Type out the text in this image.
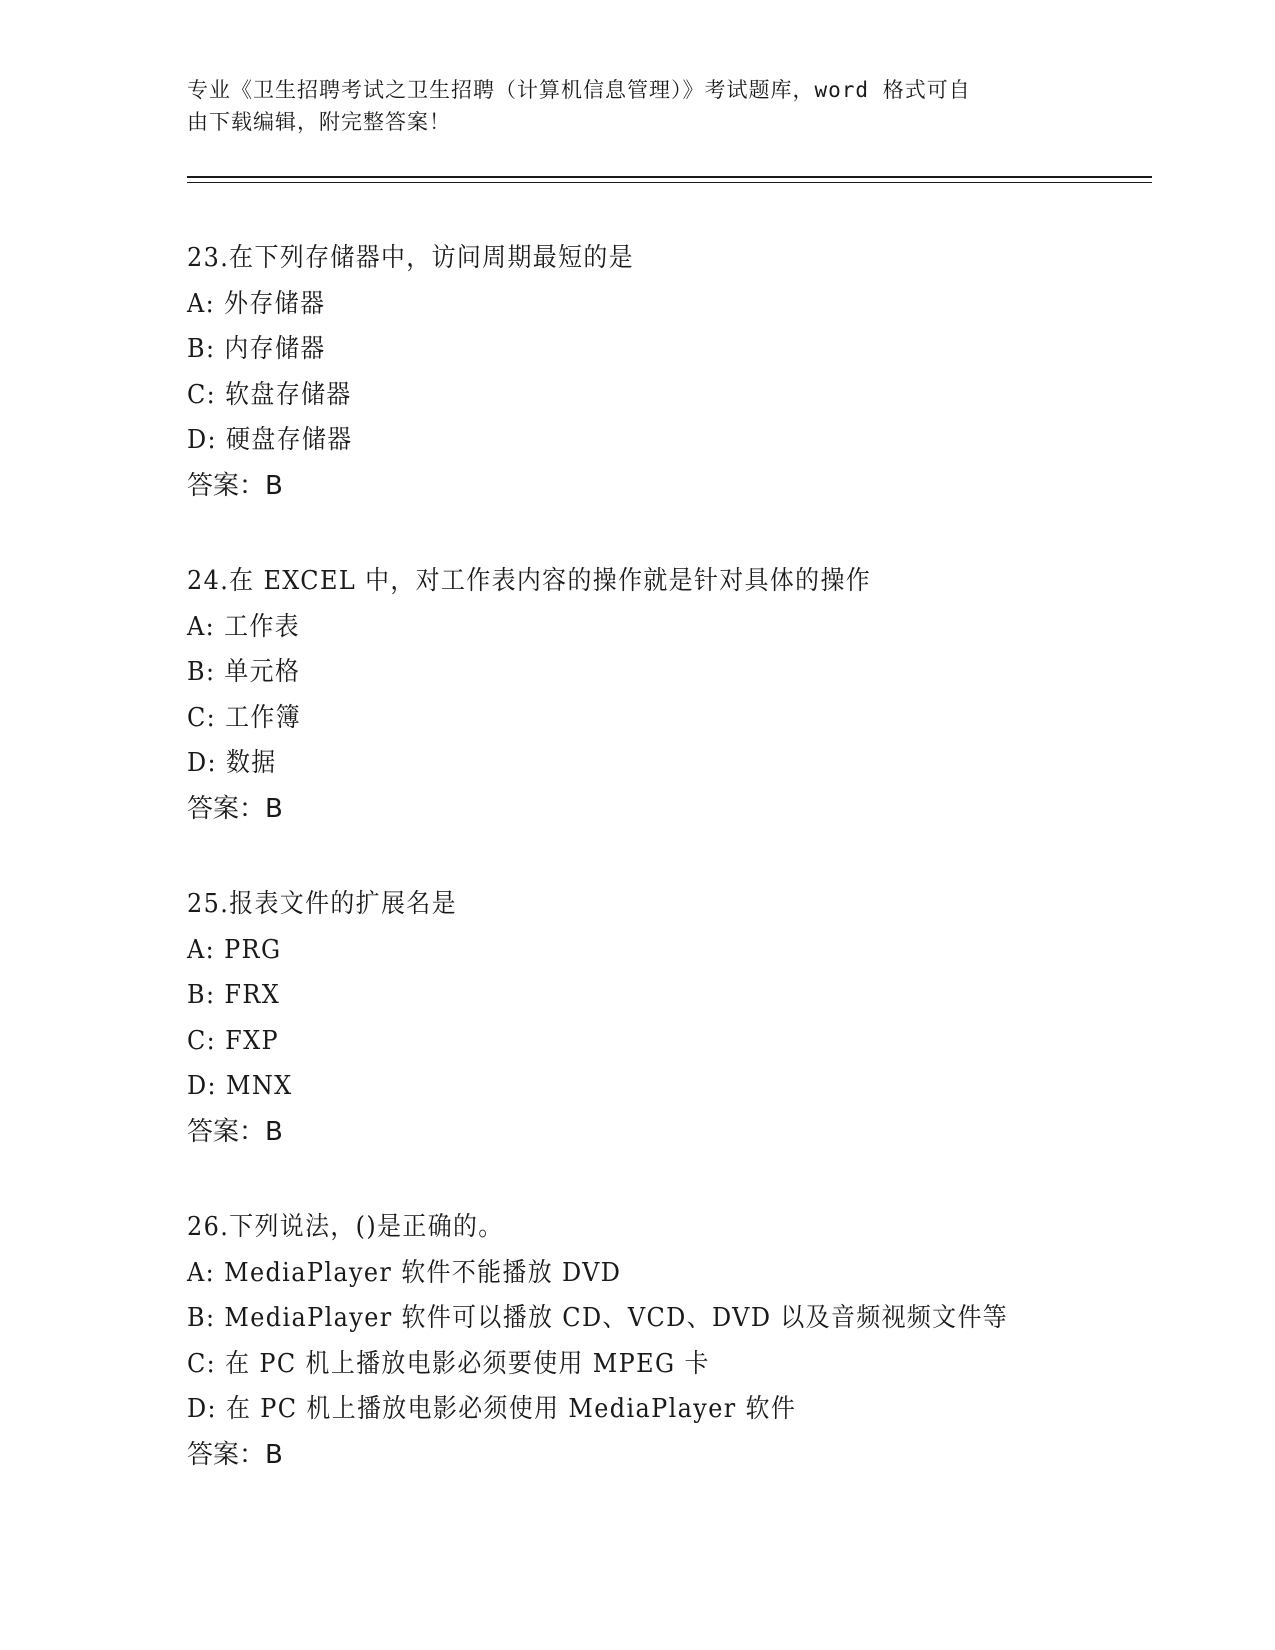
专业《卫生招聘考试之卫生招聘（计算机信息管理）》考试题库，word 格式可自
由下载编辑，附完整答案！
23.在下列存储器中，访问周期最短的是
A: 外存储器
B: 内存储器
C: 软盘存储器
D: 硬盘存储器
答案：B
24.在 EXCEL 中，对工作表内容的操作就是针对具体的操作
A: 工作表
B: 单元格
C: 工作簿
D: 数据
答案：B
25.报表文件的扩展名是
A: PRG
B: FRX
C: FXP
D: MNX
答案：B
26.下列说法，()是正确的。
A: MediaPlayer 软件不能播放 DVD
B: MediaPlayer 软件可以播放 CD、VCD、DVD 以及音频视频文件等
C: 在 PC 机上播放电影必须要使用 MPEG 卡
D: 在 PC 机上播放电影必须使用 MediaPlayer 软件
答案：B
